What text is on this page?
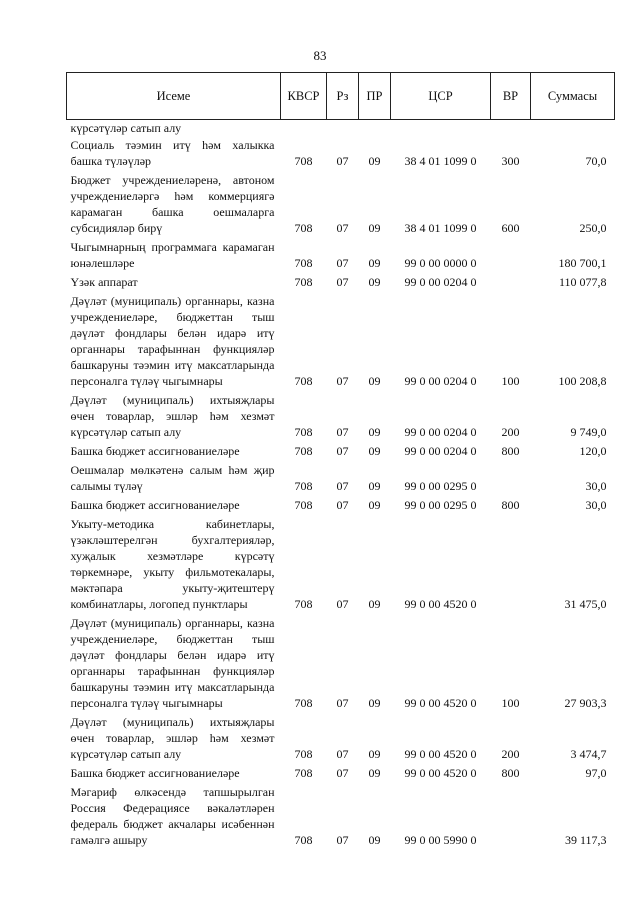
83
Исеме	КВСР	Рз	ПР	ЦСР	ВР	Суммасы
күрсәтүләр сатып алу						
Социаль тәэмин итү һәм халыкка башка түләүләр	708	07	09	38 4 01 1099 0	300	70,0
Бюджет учреждениеләренә, автоном учреждениеләргә һәм коммерциягә карамаган башка оешмаларга субсидияләр бирү	708	07	09	38 4 01 1099 0	600	250,0
Чыгымнарның программага карамаган юнәлешләре	708	07	09	99 0 00 0000 0		180 700,1
Үзәк аппарат	708	07	09	99 0 00 0204 0		110 077,8
Дәүләт (муниципаль) органнары, казна учреждениеләре, бюджеттан тыш дәүләт фондлары белән идарә итү органнары тарафыннан функцияләр башкаруны тәэмин итү максатларында персоналга түләү чыгымнары	708	07	09	99 0 00 0204 0	100	100 208,8
Дәүләт (муниципаль) ихтыяҗлары өчен товарлар, эшләр һәм хезмәт күрсәтүләр сатып алу	708	07	09	99 0 00 0204 0	200	9 749,0
Башка бюджет ассигнованиеләре	708	07	09	99 0 00 0204 0	800	120,0
Оешмалар мөлкәтенә салым һәм җир салымы түләү	708	07	09	99 0 00 0295 0		30,0
Башка бюджет ассигнованиеләре	708	07	09	99 0 00 0295 0	800	30,0
Укыту-методика кабинетлары, үзәкләштерелгән бухгалтерияләр, хуҗалык хезмәтләре күрсәтү төркемнәре, укыту фильмотекалары, мәктәпара укыту-җитештерү комбинатлары, логопед пунктлары	708	07	09	99 0 00 4520 0		31 475,0
Дәүләт (муниципаль) органнары, казна учреждениеләре, бюджеттан тыш дәүләт фондлары белән идарә итү органнары тарафыннан функцияләр башкаруны тәэмин итү максатларында персоналга түләү чыгымнары	708	07	09	99 0 00 4520 0	100	27 903,3
Дәүләт (муниципаль) ихтыяҗлары өчен товарлар, эшләр һәм хезмәт күрсәтүләр сатып алу	708	07	09	99 0 00 4520 0	200	3 474,7
Башка бюджет ассигнованиеләре	708	07	09	99 0 00 4520 0	800	97,0
Мәгариф өлкәсендә тапшырылган Россия Федерациясе вәкаләтләрен федераль бюджет акчалары исәбеннән гамәлгә ашыру	708	07	09	99 0 00 5990 0		39 117,3
